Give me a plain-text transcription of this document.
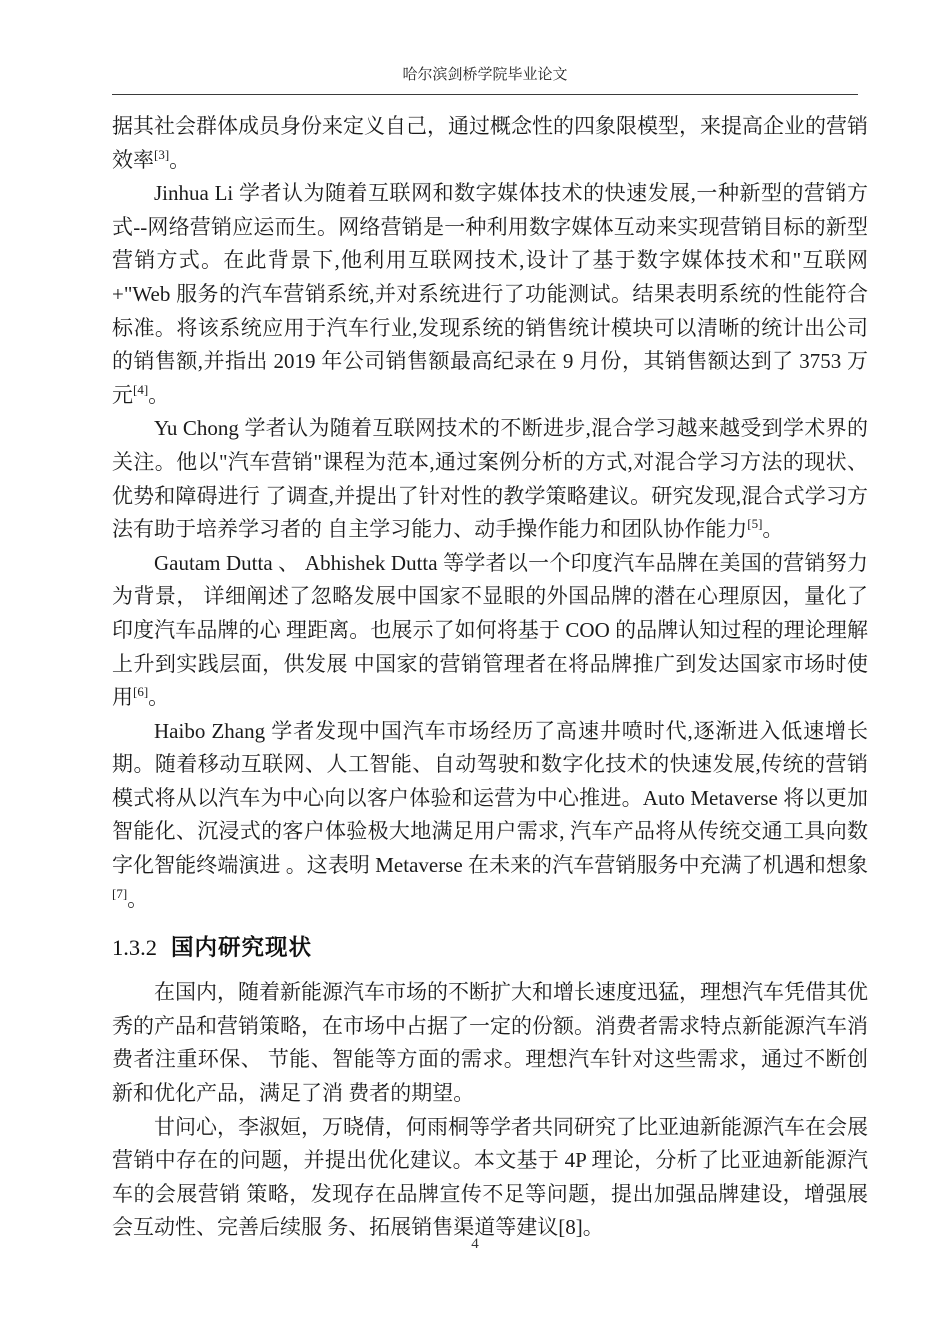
哈尔滨剑桥学院毕业论文

据其社会群体成员身份来定义自己，通过概念性的四象限模型，来提高企业的营销效率[3]。

Jinhua Li 学者认为随着互联网和数字媒体技术的快速发展,一种新型的营销方式--网络营销应运而生。网络营销是一种利用数字媒体互动来实现营销目标的新型营销方式。在此背景下,他利用互联网技术,设计了基于数字媒体技术和"互联网+"Web 服务的汽车营销系统,并对系统进行了功能测试。结果表明系统的性能符合标准。将该系统应用于汽车行业,发现系统的销售统计模块可以清晰的统计出公司的销售额,并指出 2019 年公司销售额最高纪录在 9 月份，其销售额达到了 3753 万元[4]。

Yu Chong 学者认为随着互联网技术的不断进步,混合学习越来越受到学术界的关注。他以"汽车营销"课程为范本,通过案例分析的方式,对混合学习方法的现状、优势和障碍进行 了调查,并提出了针对性的教学策略建议。研究发现,混合式学习方法有助于培养学习者的 自主学习能力、动手操作能力和团队协作能力[5]。

Gautam Dutta 、 Abhishek Dutta 等学者以一个印度汽车品牌在美国的营销努力为背景， 详细阐述了忽略发展中国家不显眼的外国品牌的潜在心理原因，量化了印度汽车品牌的心 理距离。也展示了如何将基于 COO 的品牌认知过程的理论理解上升到实践层面，供发展 中国家的营销管理者在将品牌推广到发达国家市场时使用[6]。

Haibo Zhang 学者发现中国汽车市场经历了高速井喷时代,逐渐进入低速增长期。随着移动互联网、人工智能、自动驾驶和数字化技术的快速发展,传统的营销模式将从以汽车为中心向以客户体验和运营为中心推进。Auto Metaverse 将以更加智能化、沉浸式的客户体验极大地满足用户需求, 汽车产品将从传统交通工具向数字化智能终端演进 。这表明 Metaverse 在未来的汽车营销服务中充满了机遇和想象[7]。

1.3.2 国内研究现状

在国内，随着新能源汽车市场的不断扩大和增长速度迅猛，理想汽车凭借其优秀的产品和营销策略，在市场中占据了一定的份额。消费者需求特点新能源汽车消费者注重环保、 节能、智能等方面的需求。理想汽车针对这些需求，通过不断创新和优化产品，满足了消 费者的期望。

甘问心，李淑姮，万晓倩，何雨桐等学者共同研究了比亚迪新能源汽车在会展营销中存在的问题，并提出优化建议。本文基于 4P 理论，分析了比亚迪新能源汽车的会展营销 策略，发现存在品牌宣传不足等问题，提出加强品牌建设，增强展会互动性、完善后续服 务、拓展销售渠道等建议[8]。

4
